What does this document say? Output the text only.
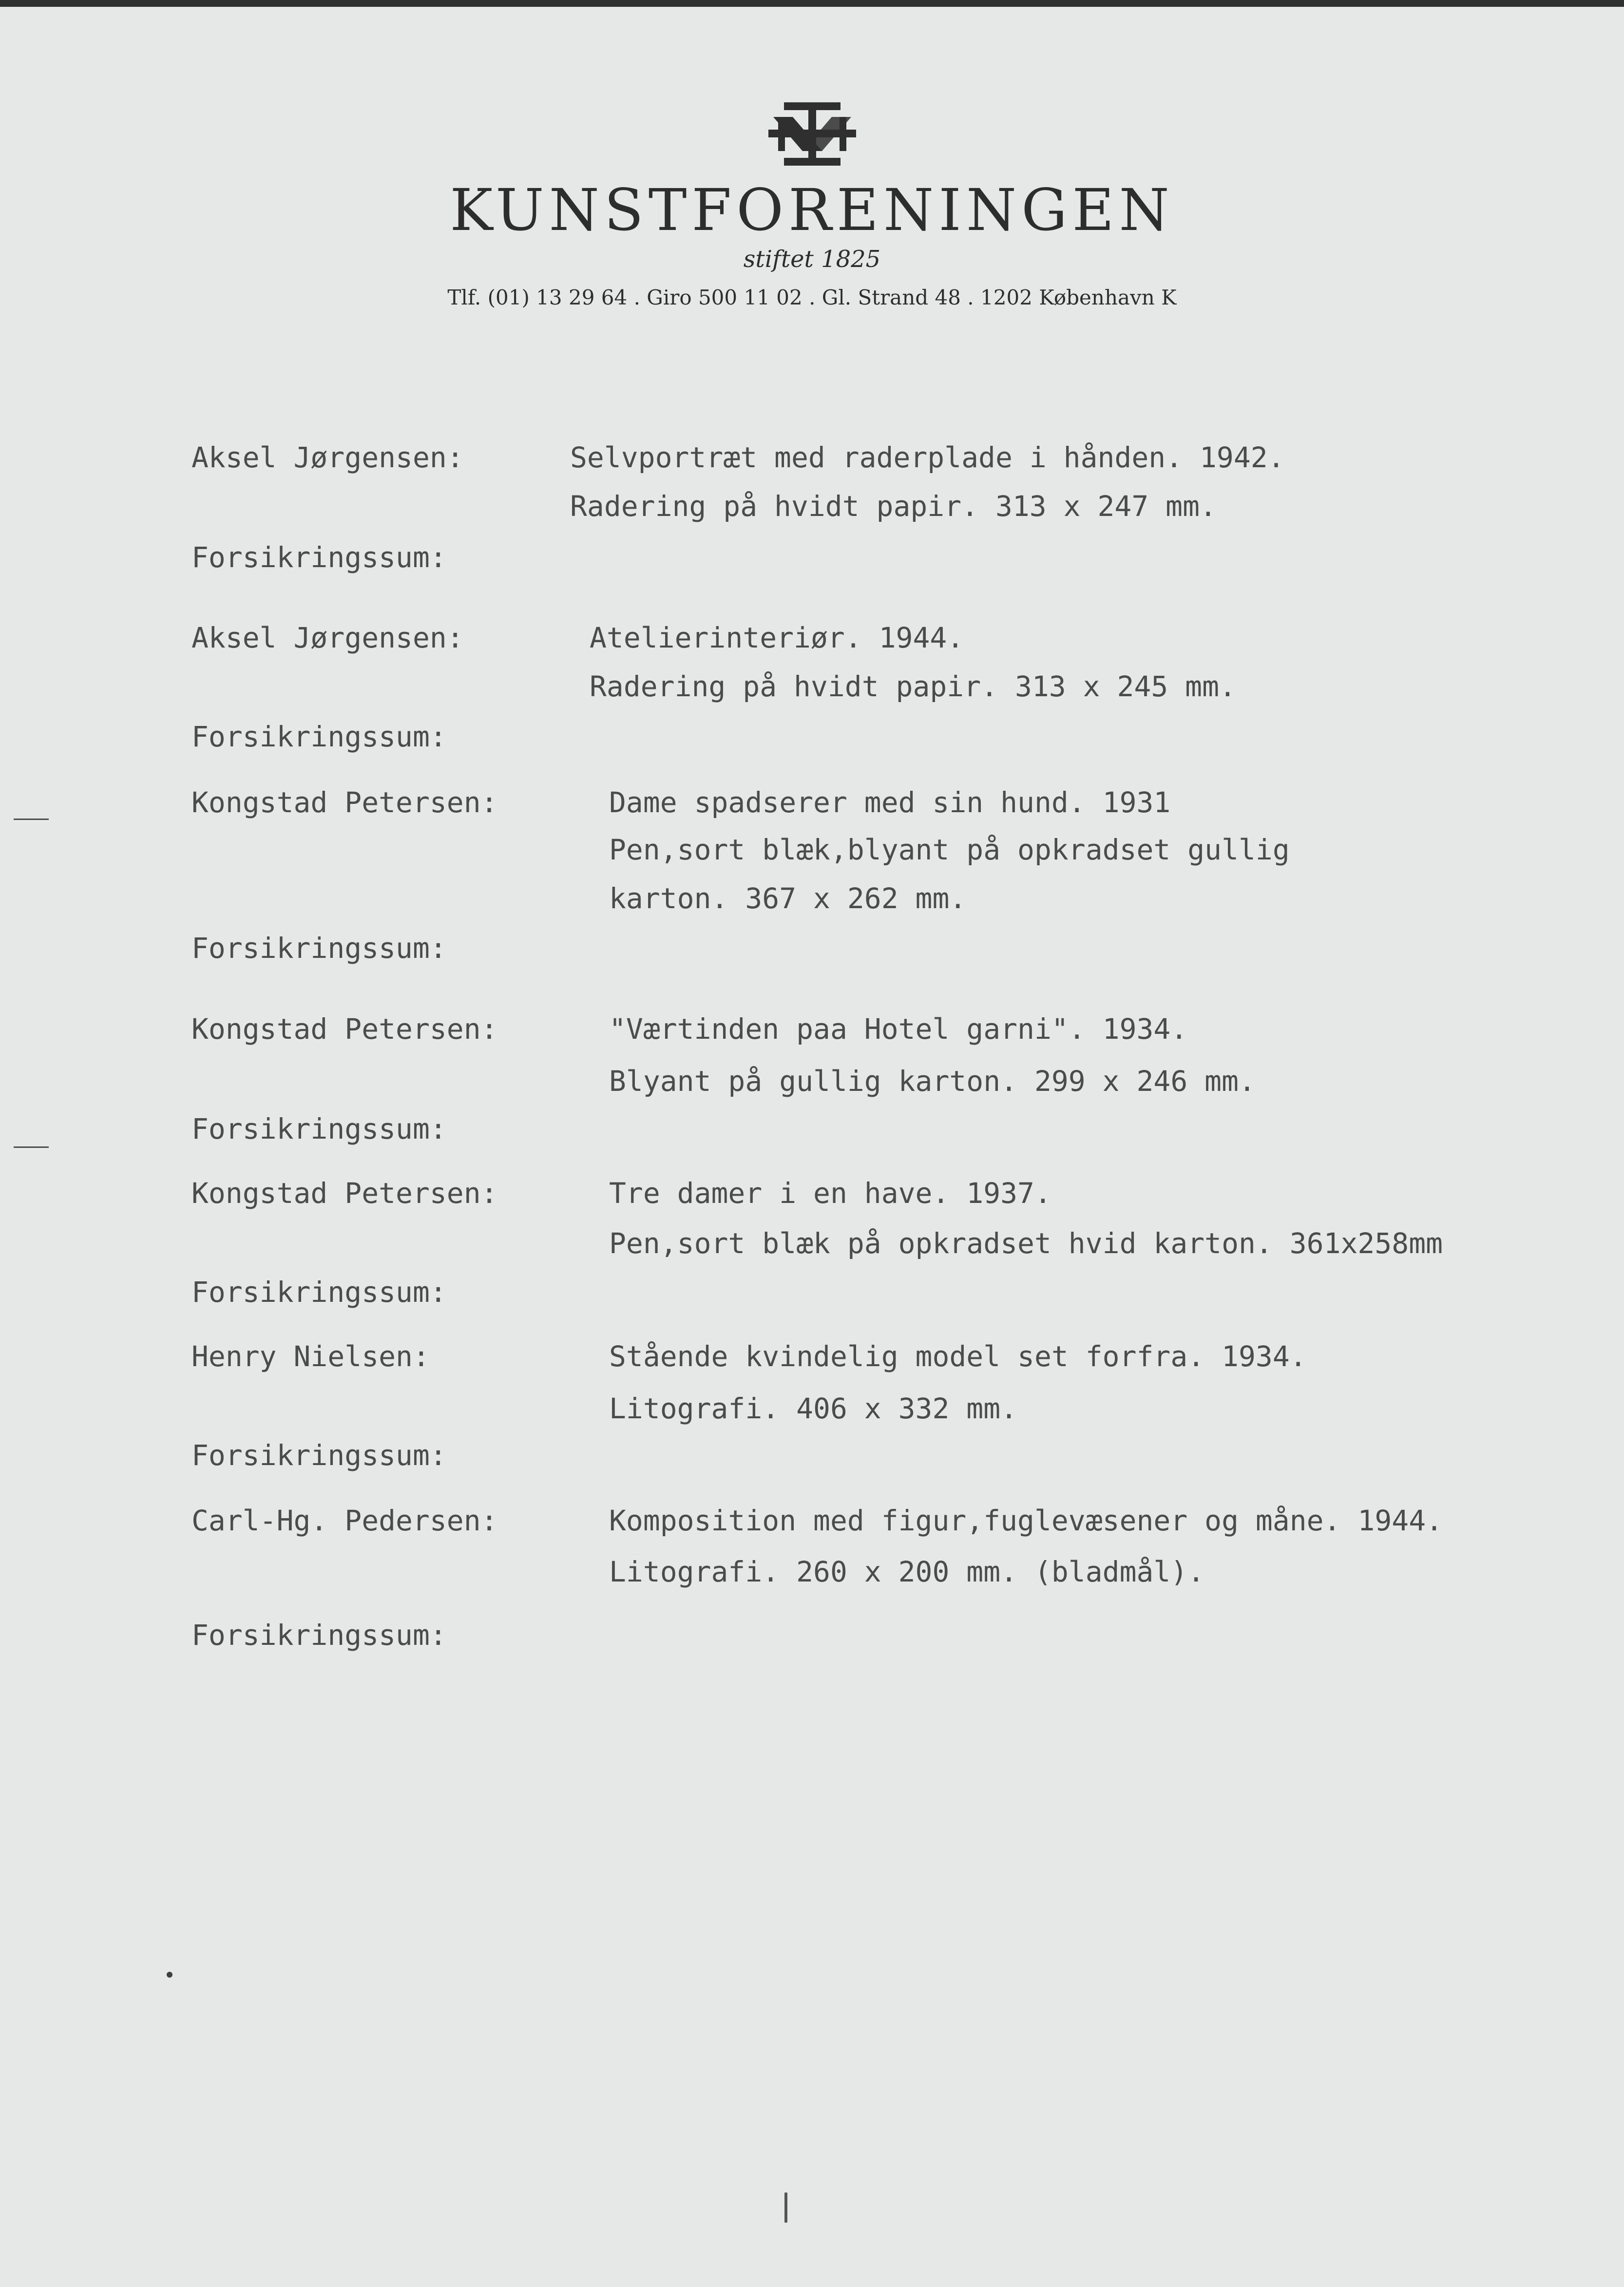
KUNSTFORENINGEN
stiftet 1825
Tlf. (01) 13 29 64 . Giro 500 11 02 . Gl. Strand 48 . 1202 København K
Aksel Jørgensen:	Selvportræt med raderplade i hånden. 1942.
Radering på hvidt papir. 313 x 247 mm.
Forsikringssum:
Aksel Jørgensen:	Atelierinteriør. 1944.
Radering på hvidt papir. 313 x 245 mm.
Forsikringssum:
Kongstad Petersen:	Dame spadserer med sin hund. 1931
Pen,sort blæk,blyant på opkradset gullig
karton. 367 x 262 mm.
Forsikringssum:
Kongstad Petersen:	"Værtinden paa Hotel garni". 1934.
Blyant på gullig karton. 299 x 246 mm.
Forsikringssum:
Kongstad Petersen:	Tre damer i en have. 1937.
Pen,sort blæk på opkradset hvid karton. 361x258mm
Forsikringssum:
Henry Nielsen:	Stående kvindelig model set forfra. 1934.
Litografi. 406 x 332 mm.
Forsikringssum:
Carl-Hg. Pedersen:	Komposition med figur,fuglevæsener og måne. 1944.
Litografi. 260 x 200 mm. (bladmål).
Forsikringssum:
